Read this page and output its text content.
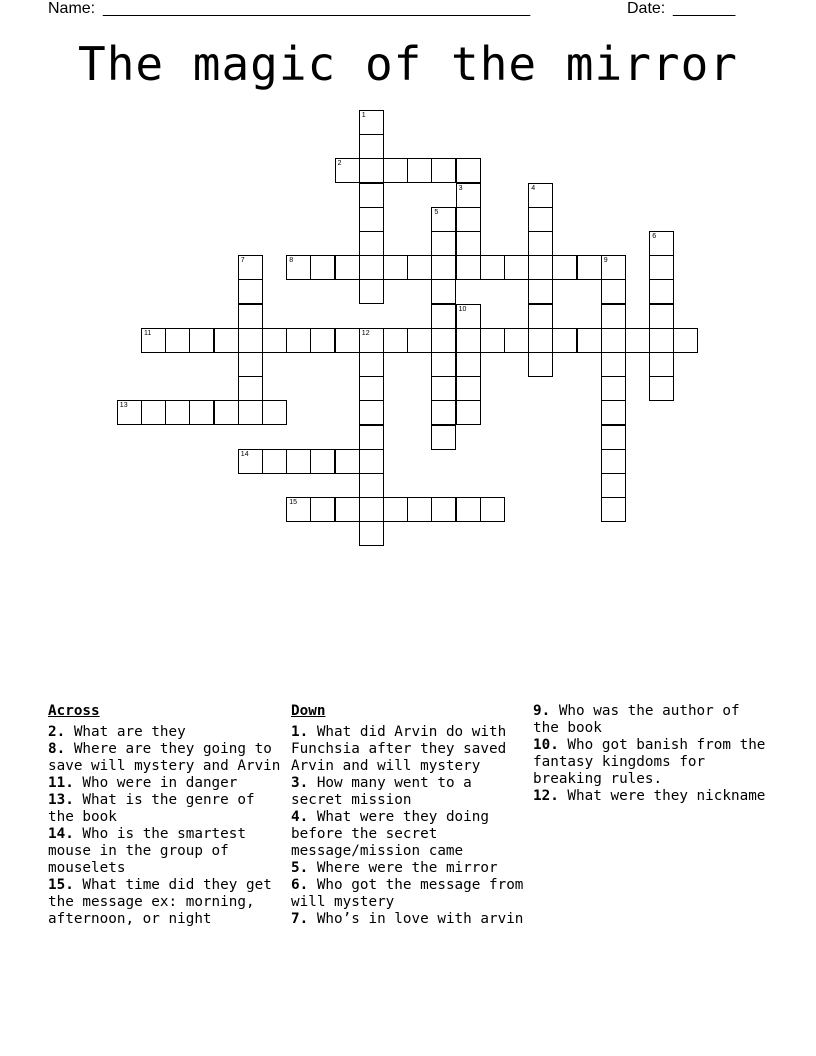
Name: ________________________________________________	Date: _______
The magic of the mirror
1
2
3	4
5
6
7	8	9
10
11	12
13
14
15
Across

2. What are they

8. Where are they going to save will mystery and Arvin

11. Who were in danger

13. What is the genre of the book

14. Who is the smartest mouse in the group of mouselets

15. What time did they get the message ex: morning, afternoon, or night

Down

1. What did Arvin do with Funchsia after they saved Arvin and will mystery

3. How many went to a secret mission

4. What were they doing before the secret message/mission came

5. Where were the mirror

6. Who got the message from will mystery

7. Who’s in love with arvin

9. Who was the author of the book

10. Who got banish from the fantasy kingdoms for breaking rules.

12. What were they nickname
